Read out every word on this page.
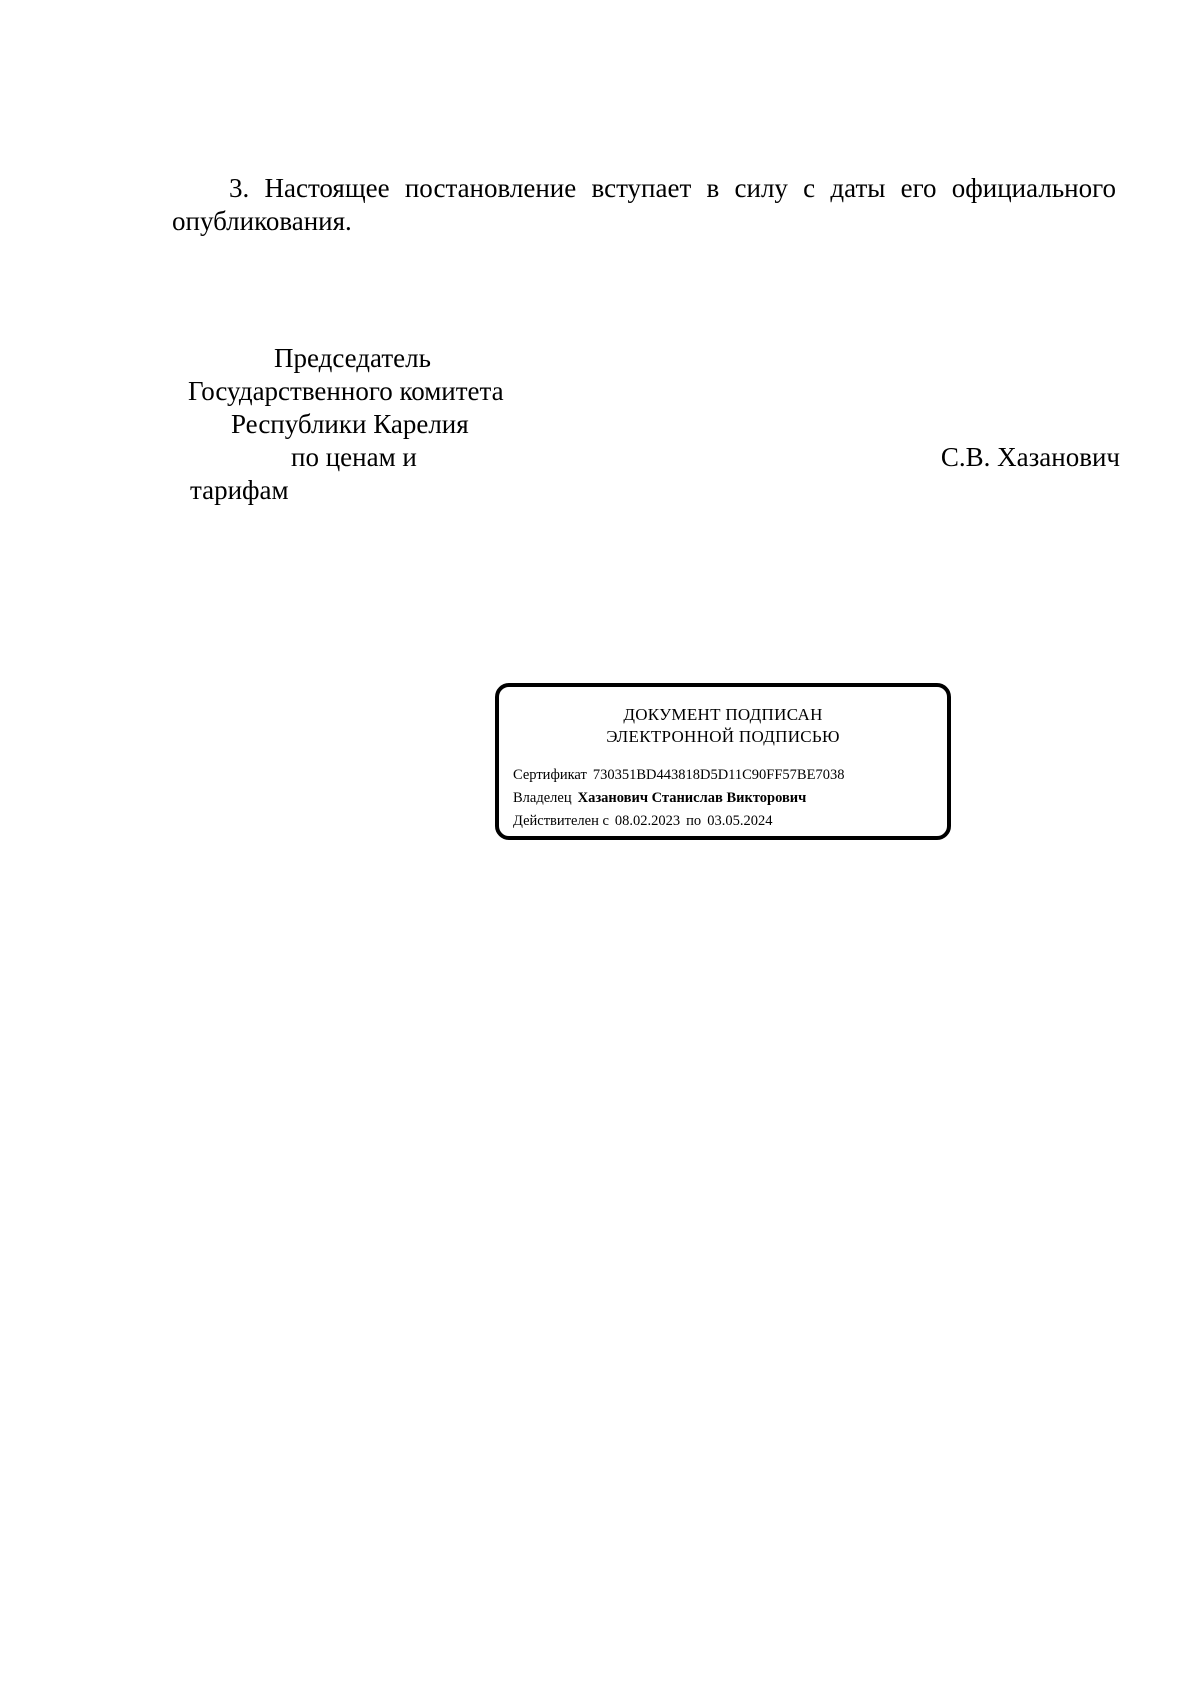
3. Настоящее постановление вступает в силу с даты его официального опубликования.

Председатель
Государственного комитета
Республики Карелия
по ценам и
тарифам
С.В. Хазанович
ДОКУМЕНТ ПОДПИСАН
ЭЛЕКТРОННОЙ ПОДПИСЬЮ
Сертификат 730351BD443818D5D11C90FF57BE7038
Владелец Хазанович Станислав Викторович
Действителен с 08.02.2023 по 03.05.2024
